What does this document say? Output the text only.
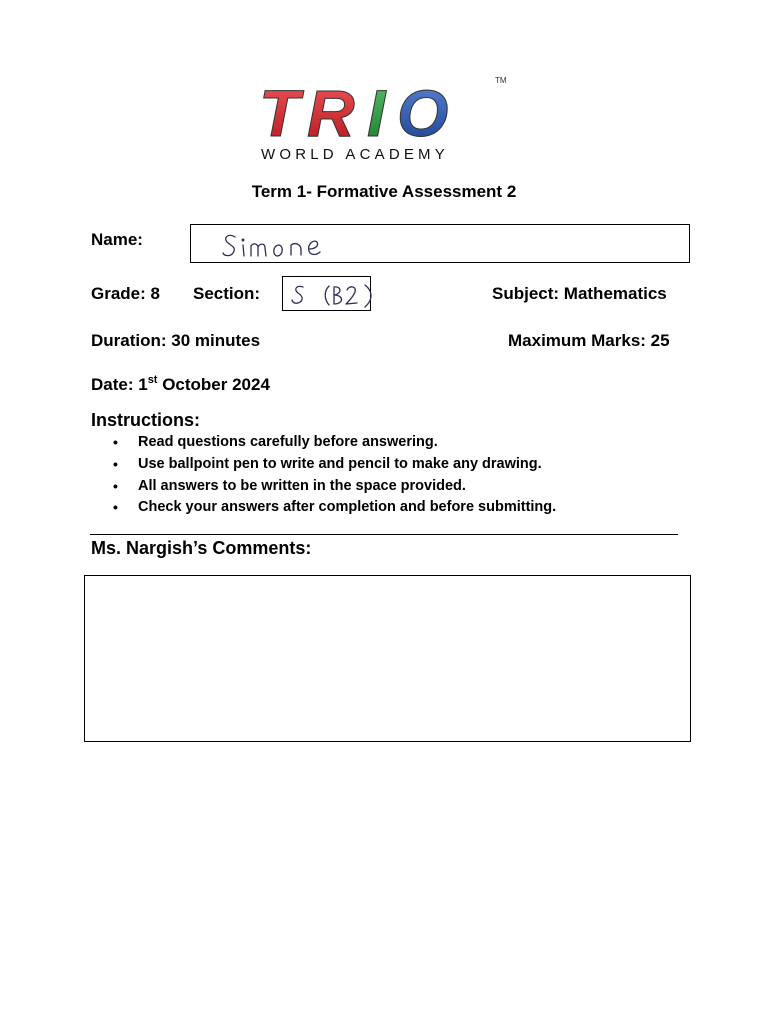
T R I O	TM
WORLD ACADEMY
Term 1- Formative Assessment 2
Name:
Grade: 8 Section:	Subject: Mathematics
Duration: 30 minutes	Maximum Marks: 25
Date: 1st October 2024
Instructions:
• Read questions carefully before answering.
• Use ballpoint pen to write and pencil to make any drawing.
• All answers to be written in the space provided.
• Check your answers after completion and before submitting.
Ms. Nargish’s Comments:
